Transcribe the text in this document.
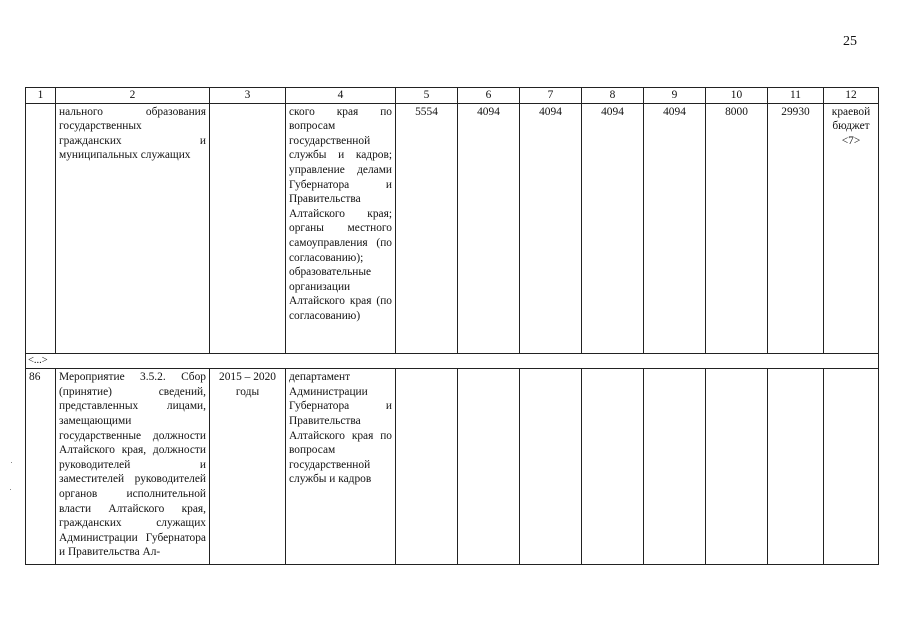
25
1	2	3	4	5	6	7	8	9	10	11	12
	нального образования государственных гражданских и муниципальных служащих		ского края по вопросам государственной службы и кадров; управление делами Губернатора и Правительства Алтайского края; органы местного самоуправления (по согласованию); образовательные организации Алтайского края (по согласованию)	5554	4094	4094	4094	4094	8000	29930	краевой бюджет <7>
<...>											
86	Мероприятие 3.5.2. Сбор (принятие) сведений, представленных лицами, замещающими государственные должности Алтайского края, должности руководителей и заместителей руководителей органов исполнительной власти Алтайского края, гражданских служащих Администрации Губернатора и Правительства Ал-	2015 – 2020 годы	департамент Администрации Губернатора и Правительства Алтайского края по вопросам государственной службы и кадров								
